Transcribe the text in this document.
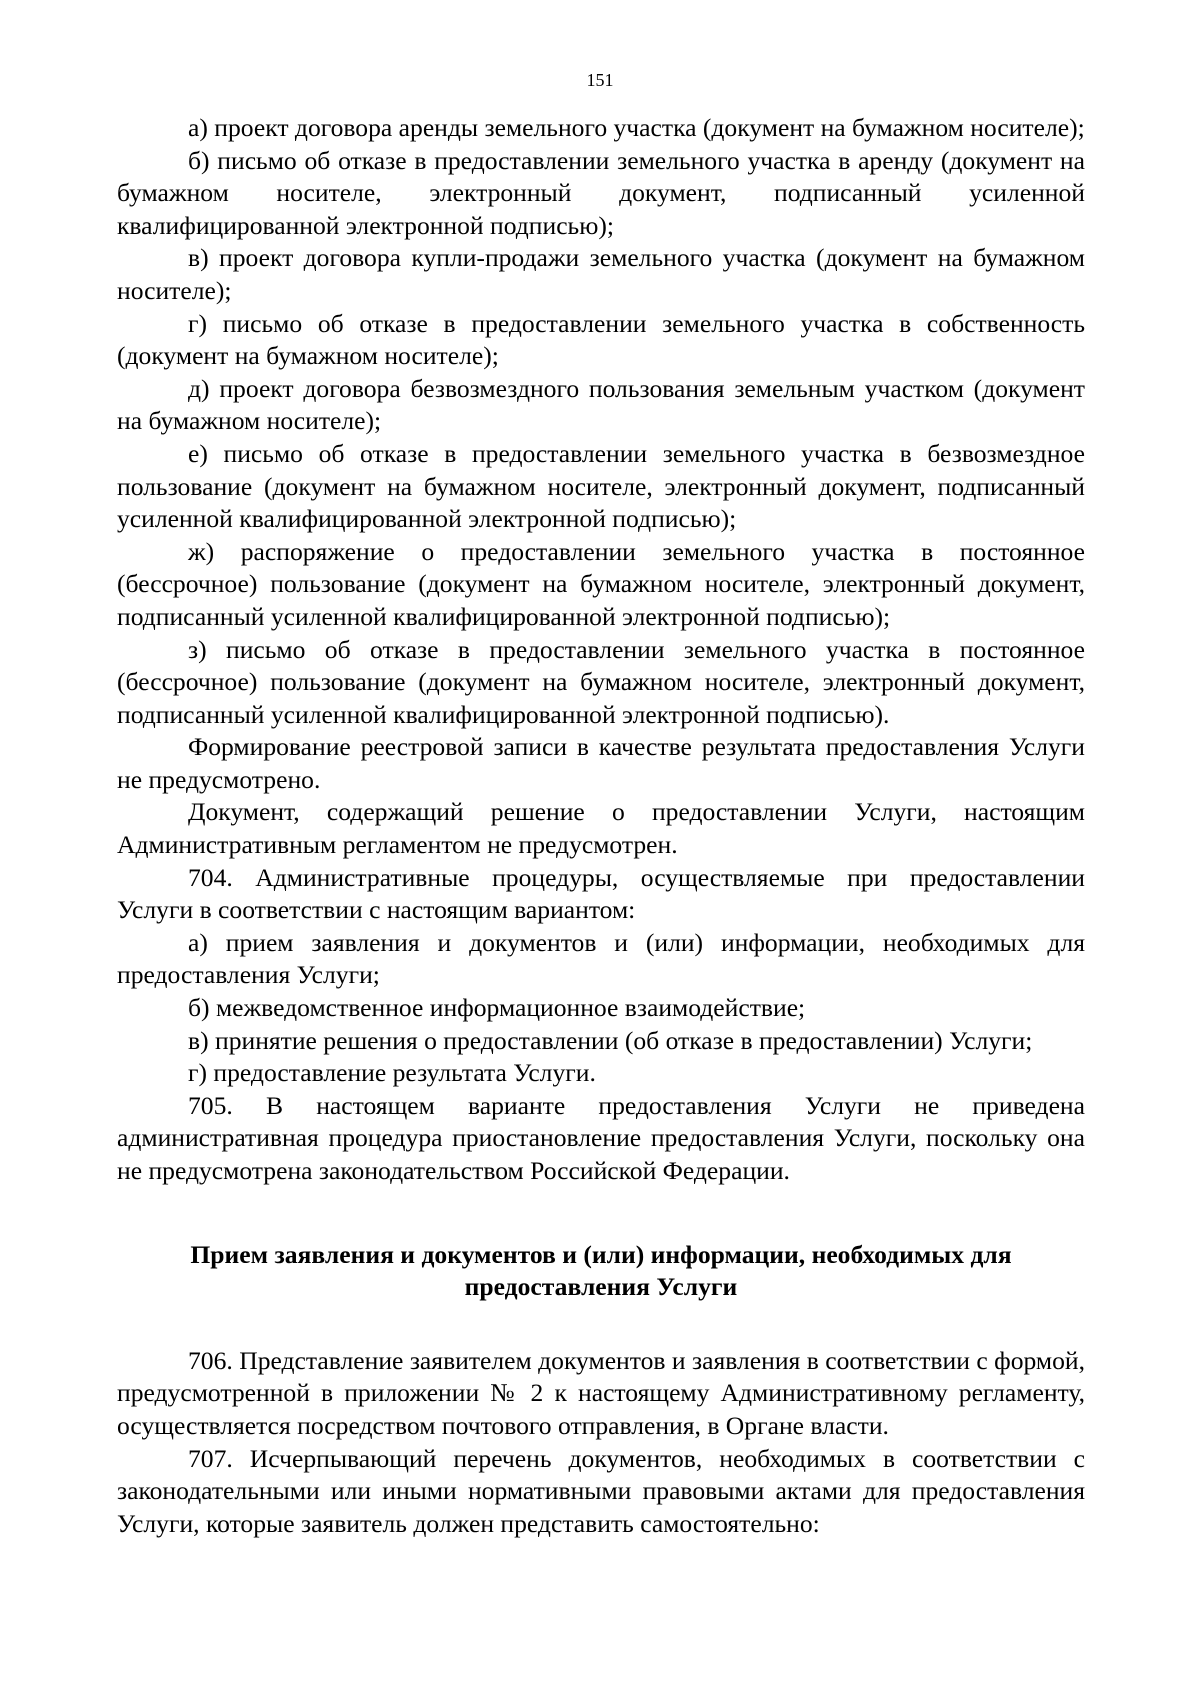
151

а) проект договора аренды земельного участка (документ на бумажном носителе);

б) письмо об отказе в предоставлении земельного участка в аренду (документ на бумажном носителе, электронный документ, подписанный усиленной квалифицированной электронной подписью);

в) проект договора купли-продажи земельного участка (документ на бумажном носителе);

г) письмо об отказе в предоставлении земельного участка в собственность (документ на бумажном носителе);

д) проект договора безвозмездного пользования земельным участком (документ на бумажном носителе);

е) письмо об отказе в предоставлении земельного участка в безвозмездное пользование (документ на бумажном носителе, электронный документ, подписанный усиленной квалифицированной электронной подписью);

ж) распоряжение о предоставлении земельного участка в постоянное (бессрочное) пользование (документ на бумажном носителе, электронный документ, подписанный усиленной квалифицированной электронной подписью);

з) письмо об отказе в предоставлении земельного участка в постоянное (бессрочное) пользование (документ на бумажном носителе, электронный документ, подписанный усиленной квалифицированной электронной подписью).

Формирование реестровой записи в качестве результата предоставления Услуги не предусмотрено.

Документ, содержащий решение о предоставлении Услуги, настоящим Административным регламентом не предусмотрен.

704. Административные процедуры, осуществляемые при предоставлении Услуги в соответствии с настоящим вариантом:

а) прием заявления и документов и (или) информации, необходимых для предоставления Услуги;

б) межведомственное информационное взаимодействие;

в) принятие решения о предоставлении (об отказе в предоставлении) Услуги;

г) предоставление результата Услуги.

705. В настоящем варианте предоставления Услуги не приведена административная процедура приостановление предоставления Услуги, поскольку она не предусмотрена законодательством Российской Федерации.

Прием заявления и документов и (или) информации, необходимых для
предоставления Услуги

706. Представление заявителем документов и заявления в соответствии с формой, предусмотренной в приложении № 2 к настоящему Административному регламенту, осуществляется посредством почтового отправления, в Органе власти.

707. Исчерпывающий перечень документов, необходимых в соответствии с законодательными или иными нормативными правовыми актами для предоставления Услуги, которые заявитель должен представить самостоятельно:
